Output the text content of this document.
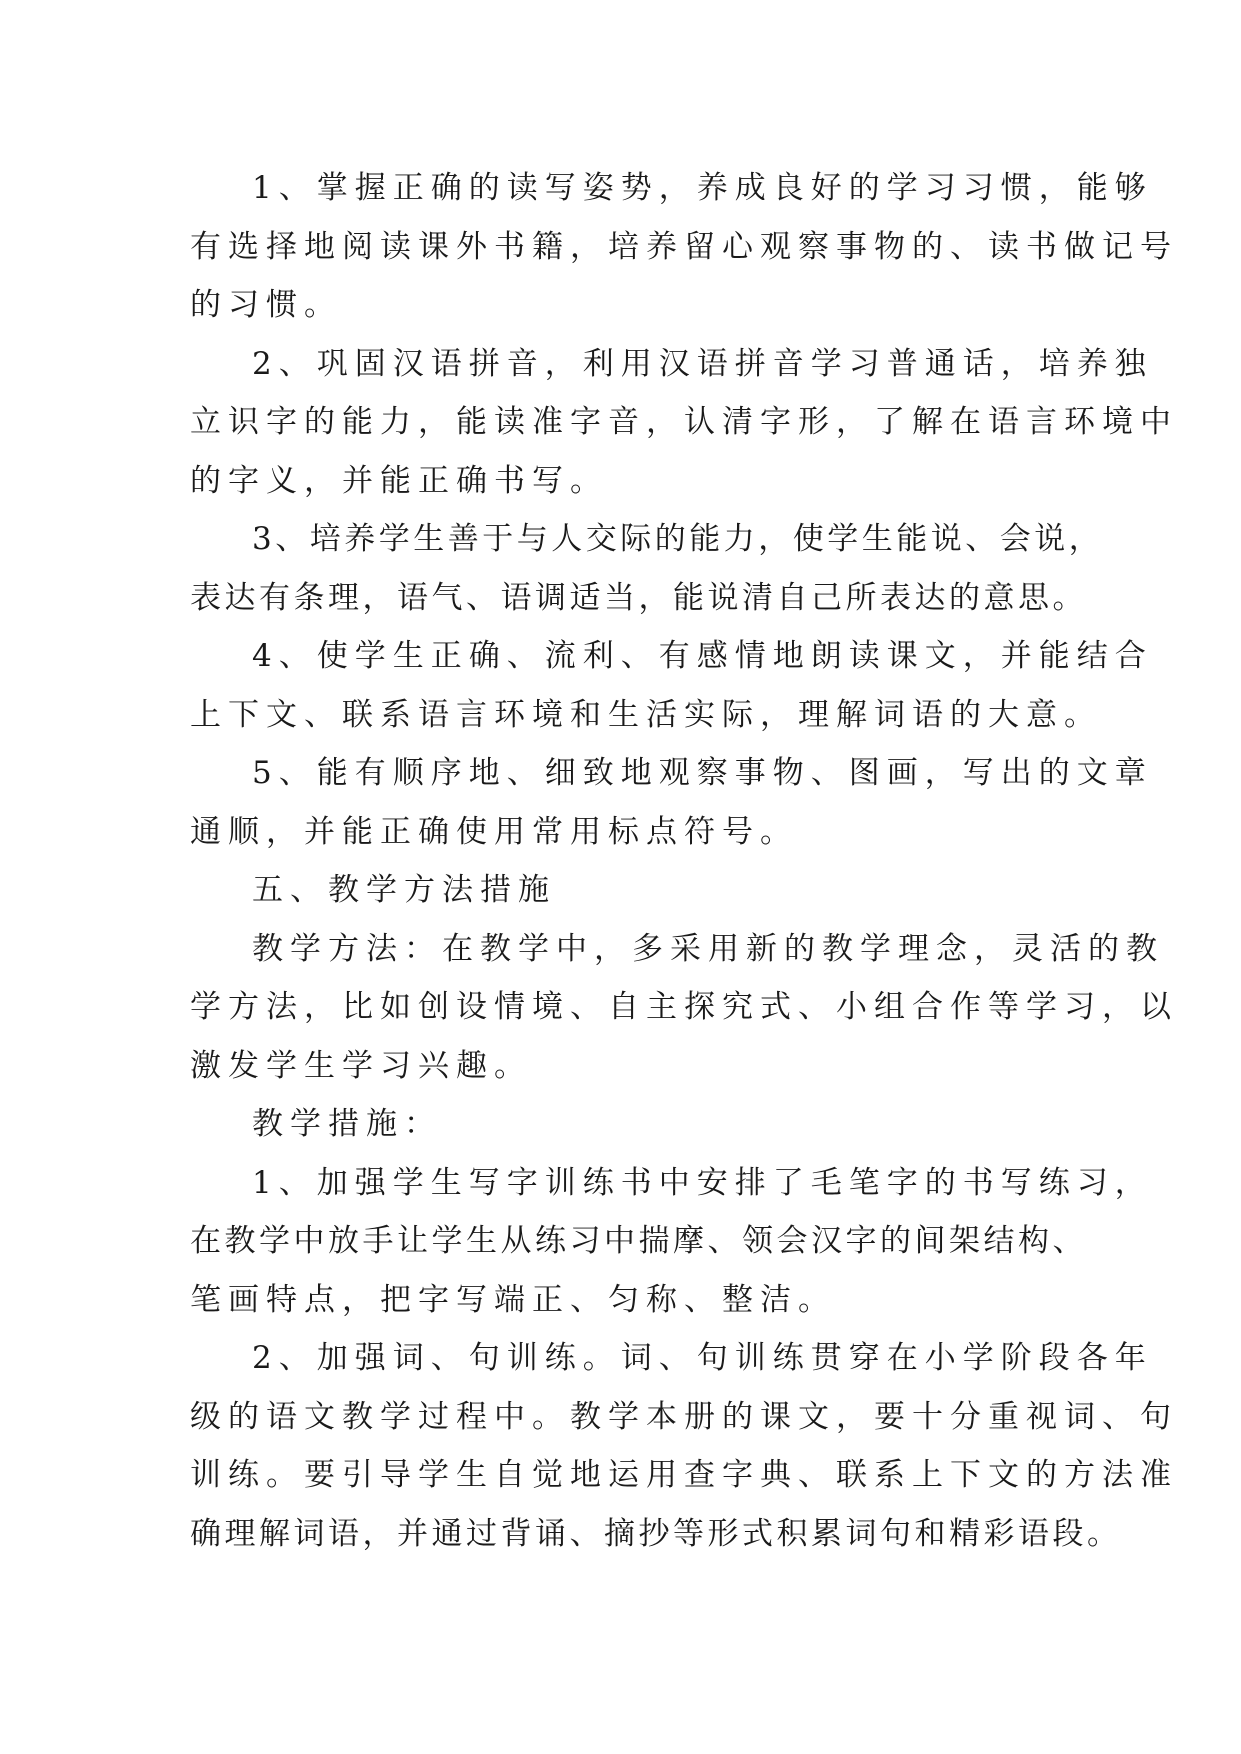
1、掌握正确的读写姿势，养成良好的学习习惯，能够
有选择地阅读课外书籍，培养留心观察事物的、读书做记号
的习惯。

2、巩固汉语拼音，利用汉语拼音学习普通话，培养独
立识字的能力，能读准字音，认清字形，了解在语言环境中
的字义，并能正确书写。

3、培养学生善于与人交际的能力，使学生能说、会说，
表达有条理，语气、语调适当，能说清自己所表达的意思。

4、使学生正确、流利、有感情地朗读课文，并能结合
上下文、联系语言环境和生活实际，理解词语的大意。

5、能有顺序地、细致地观察事物、图画，写出的文章
通顺，并能正确使用常用标点符号。

五、教学方法措施

教学方法：在教学中，多采用新的教学理念，灵活的教
学方法，比如创设情境、自主探究式、小组合作等学习，以
激发学生学习兴趣。

教学措施：

1、加强学生写字训练书中安排了毛笔字的书写练习，
在教学中放手让学生从练习中揣摩、领会汉字的间架结构、
笔画特点，把字写端正、匀称、整洁。

2、加强词、句训练。词、句训练贯穿在小学阶段各年
级的语文教学过程中。教学本册的课文，要十分重视词、句
训练。要引导学生自觉地运用查字典、联系上下文的方法准
确理解词语，并通过背诵、摘抄等形式积累词句和精彩语段。
